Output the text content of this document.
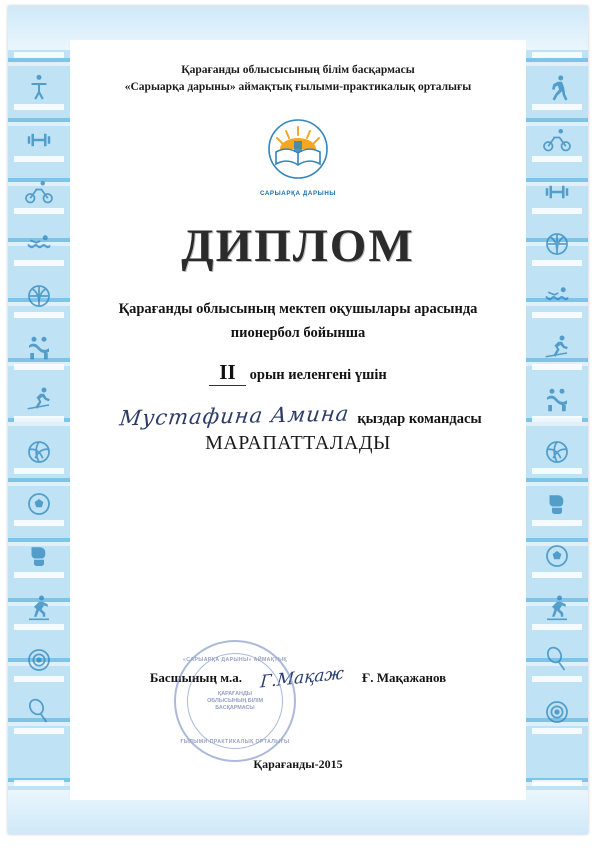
Қарағанды облысысының білім басқармасы
«Сарыарқа дарыны» аймақтық ғылыми-практикалық орталығы
САРЫАРҚА ДАРЫНЫ
ДИПЛОМ
Қарағанды облысының мектеп оқушылары арасында
пионербол бойынша
II орын иеленгені үшін
Мустафина Амина қыздар командасы
МАРАПАТТАЛАДЫ
Басшының м.а.	Г.Мақаж	Ғ. Мақажанов
«САРЫАРҚА ДАРЫНЫ» АЙМАҚТЫҚ
ҚАРАҒАНДЫ ОБЛЫСЫНЫҢ БІЛІМ БАСҚАРМАСЫ
ҒЫЛЫМИ-ПРАКТИКАЛЫҚ ОРТАЛЫҒЫ
Қарағанды-2015
